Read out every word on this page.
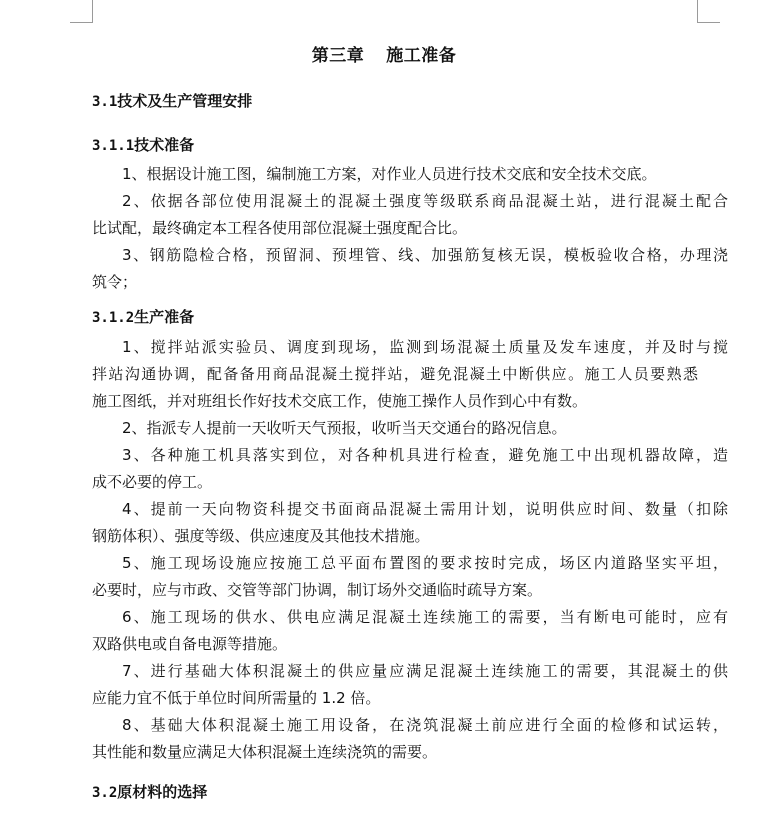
第三章 施工准备
3.1技术及生产管理安排
3.1.1技术准备
1、根据设计施工图，编制施工方案，对作业人员进行技术交底和安全技术交底。
2、依据各部位使用混凝土的混凝土强度等级联系商品混凝土站，进行混凝土配合
比试配，最终确定本工程各使用部位混凝土强度配合比。
3、钢筋隐检合格，预留洞、预埋管、线、加强筋复核无误，模板验收合格，办理浇
筑令；
3.1.2生产准备
1、搅拌站派实验员、调度到现场，监测到场混凝土质量及发车速度，并及时与搅
拌站沟通协调，配备备用商品混凝土搅拌站，避免混凝土中断供应。施工人员要熟悉
施工图纸，并对班组长作好技术交底工作，使施工操作人员作到心中有数。
2、指派专人提前一天收听天气预报，收听当天交通台的路况信息。
3、各种施工机具落实到位，对各种机具进行检查，避免施工中出现机器故障，造
成不必要的停工。
4、提前一天向物资科提交书面商品混凝土需用计划，说明供应时间、数量（扣除
钢筋体积）、强度等级、供应速度及其他技术措施。
5、施工现场设施应按施工总平面布置图的要求按时完成，场区内道路坚实平坦，
必要时，应与市政、交管等部门协调，制订场外交通临时疏导方案。
6、施工现场的供水、供电应满足混凝土连续施工的需要，当有断电可能时，应有
双路供电或自备电源等措施。
7、进行基础大体积混凝土的供应量应满足混凝土连续施工的需要，其混凝土的供
应能力宜不低于单位时间所需量的 1.2 倍。
8、基础大体积混凝土施工用设备，在浇筑混凝土前应进行全面的检修和试运转，
其性能和数量应满足大体积混凝土连续浇筑的需要。
3.2原材料的选择
